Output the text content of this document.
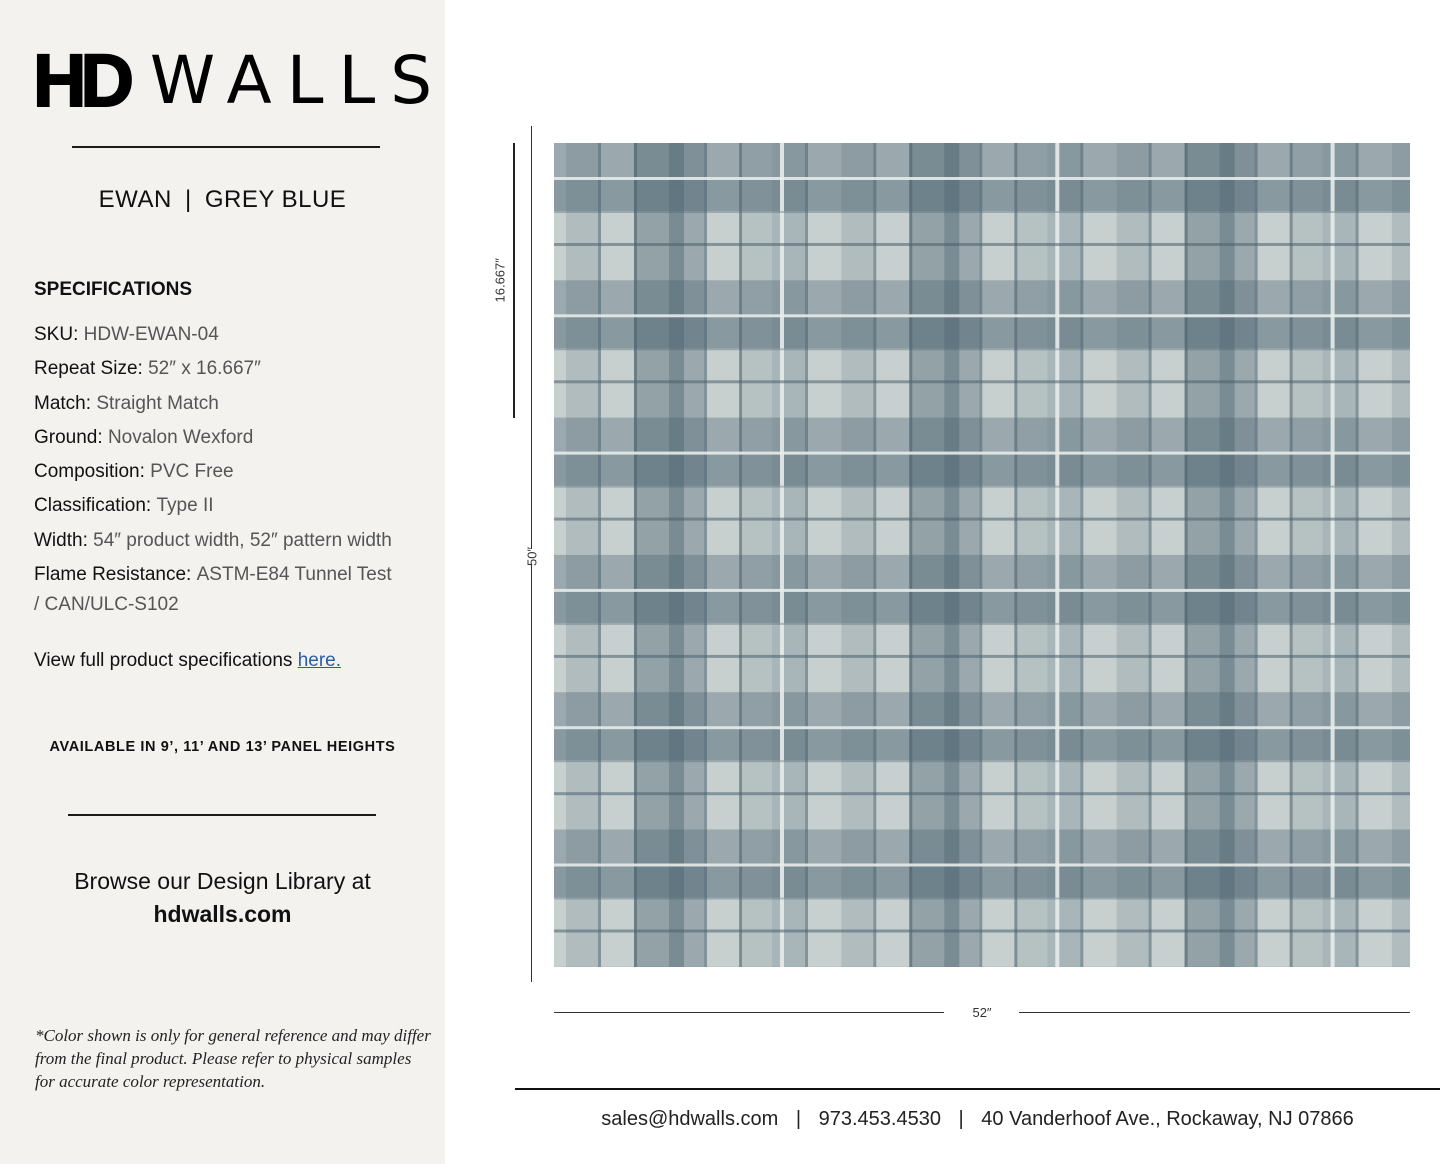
HD WALLS
EWAN | GREY BLUE
SPECIFICATIONS
SKU: HDW-EWAN-04
Repeat Size: 52″ x 16.667″
Match: Straight Match
Ground: Novalon Wexford
Composition: PVC Free
Classification: Type II
Width: 54″ product width, 52″ pattern width
Flame Resistance: ASTM-E84 Tunnel Test / CAN/ULC-S102
View full product specifications here.
AVAILABLE IN 9’, 11’ AND 13’ PANEL HEIGHTS
Browse our Design Library at
hdwalls.com
*Color shown is only for general reference and may differ from the final product. Please refer to physical samples for accurate color representation.
16.667″
50″
52″
sales@hdwalls.com | 973.453.4530 | 40 Vanderhoof Ave., Rockaway, NJ 07866
